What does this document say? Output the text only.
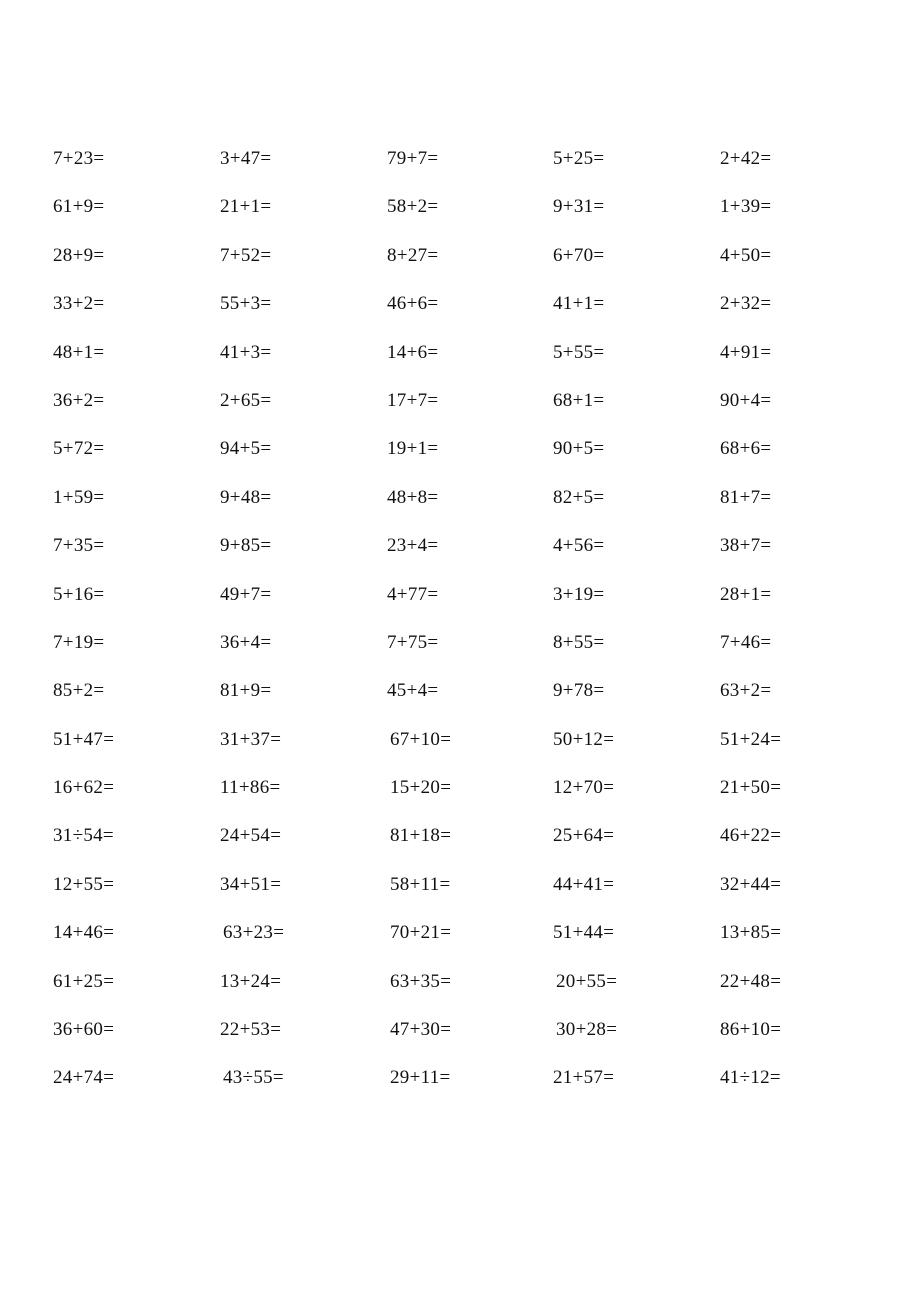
7+23=	3+47=	79+7=	5+25=	2+42=
61+9=	21+1=	58+2=	9+31=	1+39=
28+9=	7+52=	8+27=	6+70=	4+50=
33+2=	55+3=	46+6=	41+1=	2+32=
48+1=	41+3=	14+6=	5+55=	4+91=
36+2=	2+65=	17+7=	68+1=	90+4=
5+72=	94+5=	19+1=	90+5=	68+6=
1+59=	9+48=	48+8=	82+5=	81+7=
7+35=	9+85=	23+4=	4+56=	38+7=
5+16=	49+7=	4+77=	3+19=	28+1=
7+19=	36+4=	7+75=	8+55=	7+46=
85+2=	81+9=	45+4=	9+78=	63+2=
51+47=	31+37=	67+10=	50+12=	51+24=
16+62=	11+86=	15+20=	12+70=	21+50=
31÷54=	24+54=	81+18=	25+64=	46+22=
12+55=	34+51=	58+11=	44+41=	32+44=
14+46=	63+23=	70+21=	51+44=	13+85=
61+25=	13+24=	63+35=	20+55=	22+48=
36+60=	22+53=	47+30=	30+28=	86+10=
24+74=	43÷55=	29+11=	21+57=	41÷12=
